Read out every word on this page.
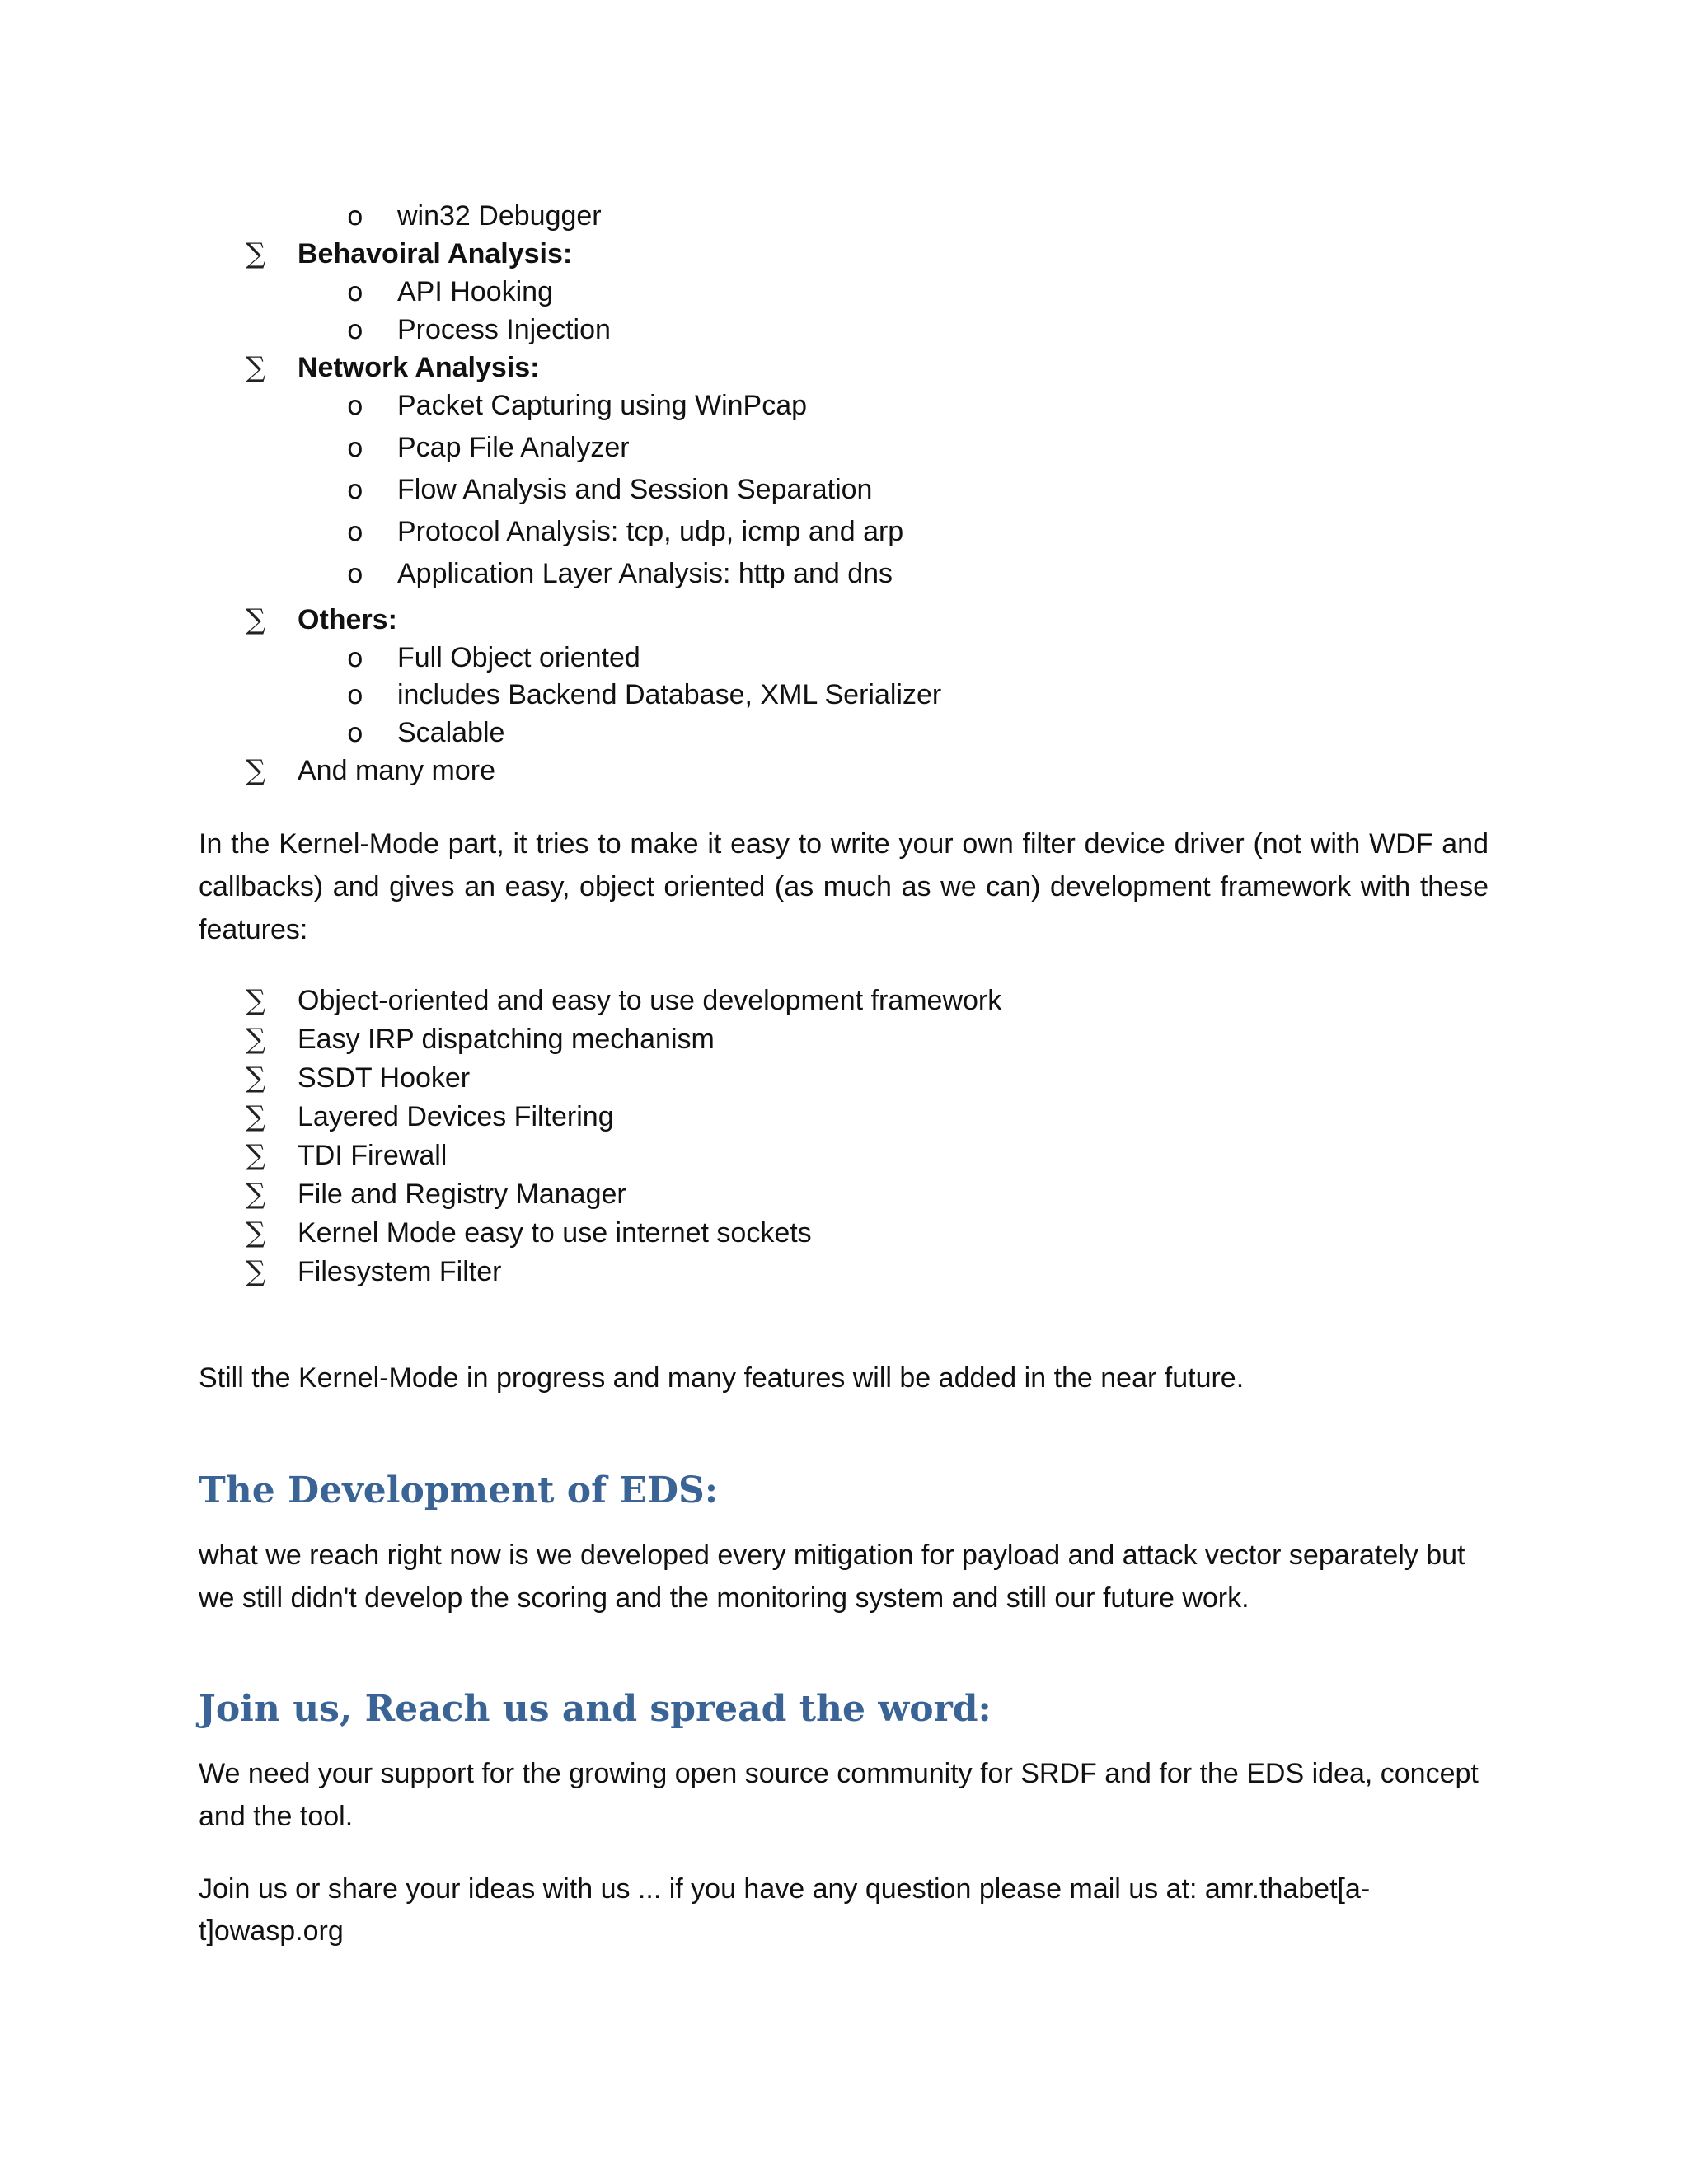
o win32 Debugger
∑ Behavoiral Analysis:
o API Hooking
o Process Injection
∑ Network Analysis:
o Packet Capturing using WinPcap
o Pcap File Analyzer
o Flow Analysis and Session Separation
o Protocol Analysis: tcp, udp, icmp and arp
o Application Layer Analysis: http and dns
∑ Others:
o Full Object oriented
o includes Backend Database, XML Serializer
o Scalable
∑ And many more
In the Kernel-Mode part, it tries to make it easy to write your own filter device driver (not with WDF and callbacks) and gives an easy, object oriented (as much as we can) development framework with these features:
∑ Object-oriented and easy to use development framework
∑ Easy IRP dispatching mechanism
∑ SSDT Hooker
∑ Layered Devices Filtering
∑ TDI Firewall
∑ File and Registry Manager
∑ Kernel Mode easy to use internet sockets
∑ Filesystem Filter
Still the Kernel-Mode in progress and many features will be added in the near future.
The Development of EDS:
what we reach right now is we developed every mitigation for payload and attack vector separately but we still didn't develop the scoring and the monitoring system and still our future work.
Join us, Reach us and spread the word:
We need your support for the growing open source community for SRDF and for the EDS idea, concept and the tool.
Join us or share your ideas with us ... if you have any question please mail us at: amr.thabet[a-
t]owasp.org
